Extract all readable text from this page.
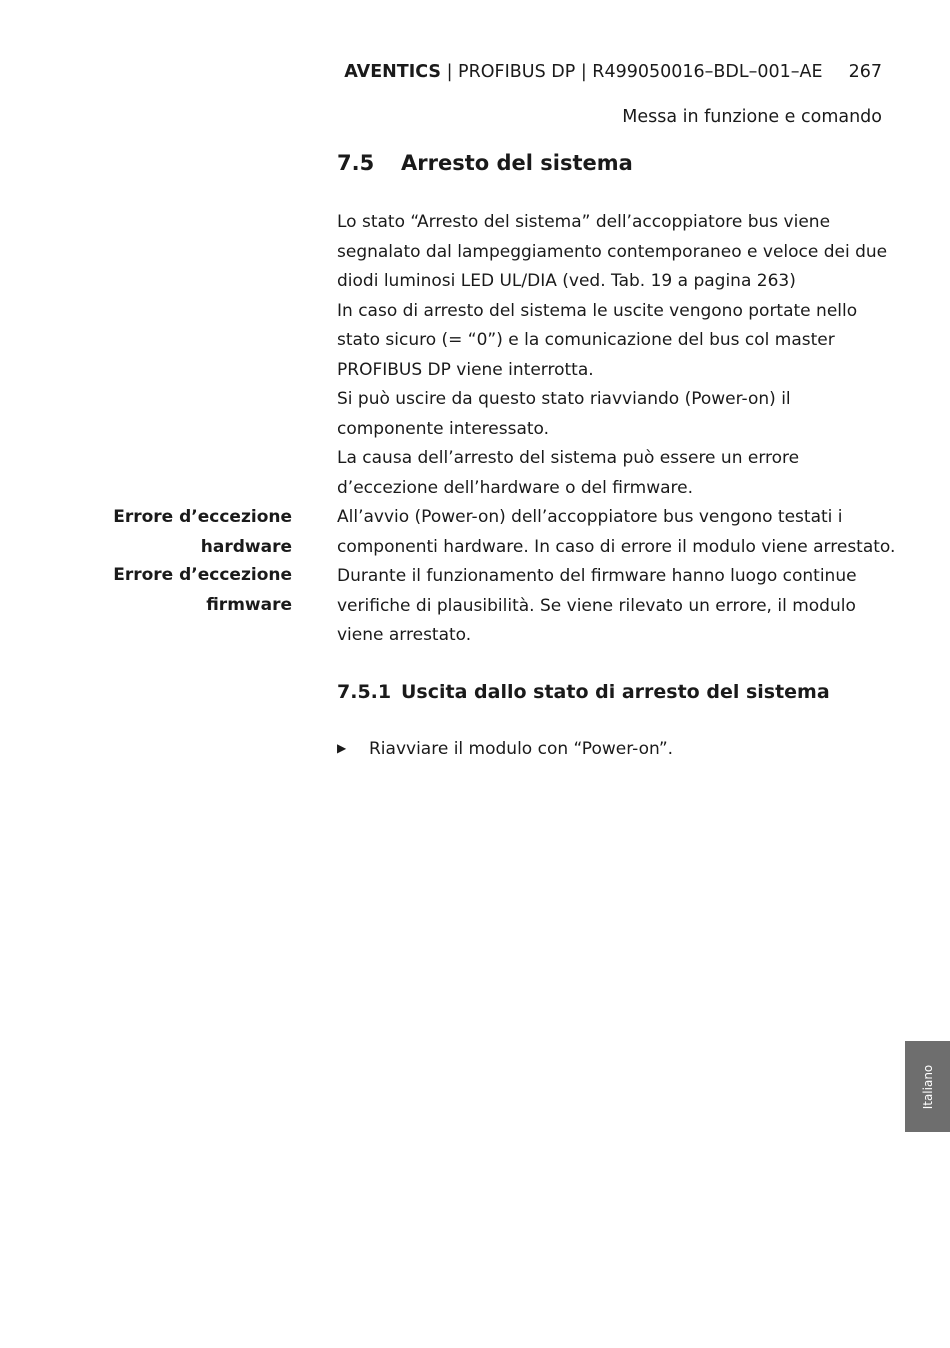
AVENTICS | PROFIBUS DP | R499050016–BDL–001–AE 267
Messa in funzione e comando
7.5 Arresto del sistema

Lo stato “Arresto del sistema” dell’accoppiatore bus viene

segnalato dal lampeggiamento contemporaneo e veloce dei due

diodi luminosi LED UL/DIA (ved. Tab. 19 a pagina 263)

In caso di arresto del sistema le uscite vengono portate nello

stato sicuro (= “0”) e la comunicazione del bus col master

PROFIBUS DP viene interrotta.

Si può uscire da questo stato riavviando (Power-on) il

componente interessato.

La causa dell’arresto del sistema può essere un errore

d’eccezione dell’hardware o del firmware.

All’avvio (Power-on) dell’accoppiatore bus vengono testati i

componenti hardware. In caso di errore il modulo viene arrestato.

Durante il funzionamento del firmware hanno luogo continue

verifiche di plausibilità. Se viene rilevato un errore, il modulo

viene arrestato.

Errore d’eccezione
hardware
Errore d’eccezione
firmware
7.5.1 Uscita dallo stato di arresto del sistema
▶ Riavviare il modulo con “Power-on”.
Italiano
